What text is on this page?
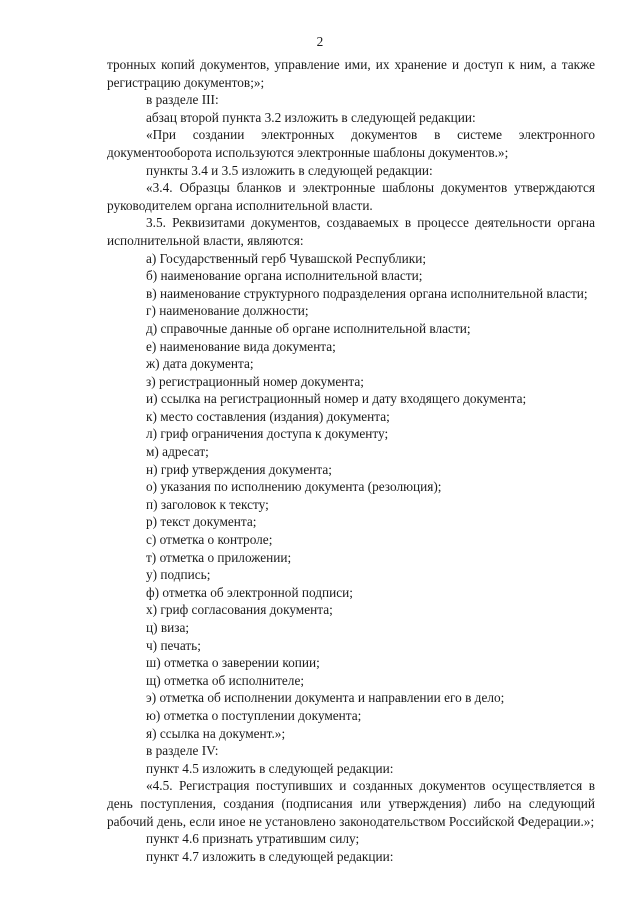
2

тронных копий документов, управление ими, их хранение и доступ к ним, а также регистрацию документов;»;

в разделе III:

абзац второй пункта 3.2 изложить в следующей редакции:

«При создании электронных документов в системе электронного документооборота используются электронные шаблоны документов.»;

пункты 3.4 и 3.5 изложить в следующей редакции:

«3.4. Образцы бланков и электронные шаблоны документов утверждаются руководителем органа исполнительной власти.

3.5. Реквизитами документов, создаваемых в процессе деятельности органа исполнительной власти, являются:

а) Государственный герб Чувашской Республики;

б) наименование органа исполнительной власти;

в) наименование структурного подразделения органа исполнительной власти;

г) наименование должности;

д) справочные данные об органе исполнительной власти;

е) наименование вида документа;

ж) дата документа;

з) регистрационный номер документа;

и) ссылка на регистрационный номер и дату входящего документа;

к) место составления (издания) документа;

л) гриф ограничения доступа к документу;

м) адресат;

н) гриф утверждения документа;

о) указания по исполнению документа (резолюция);

п) заголовок к тексту;

р) текст документа;

с) отметка о контроле;

т) отметка о приложении;

у) подпись;

ф) отметка об электронной подписи;

х) гриф согласования документа;

ц) виза;

ч) печать;

ш) отметка о заверении копии;

щ) отметка об исполнителе;

э) отметка об исполнении документа и направлении его в дело;

ю) отметка о поступлении документа;

я) ссылка на документ.»;

в разделе IV:

пункт 4.5 изложить в следующей редакции:

«4.5. Регистрация поступивших и созданных документов осуществляется в день поступления, создания (подписания или утверждения) либо на следующий рабочий день, если иное не установлено законодательством Российской Федерации.»;

пункт 4.6 признать утратившим силу;

пункт 4.7 изложить в следующей редакции:
